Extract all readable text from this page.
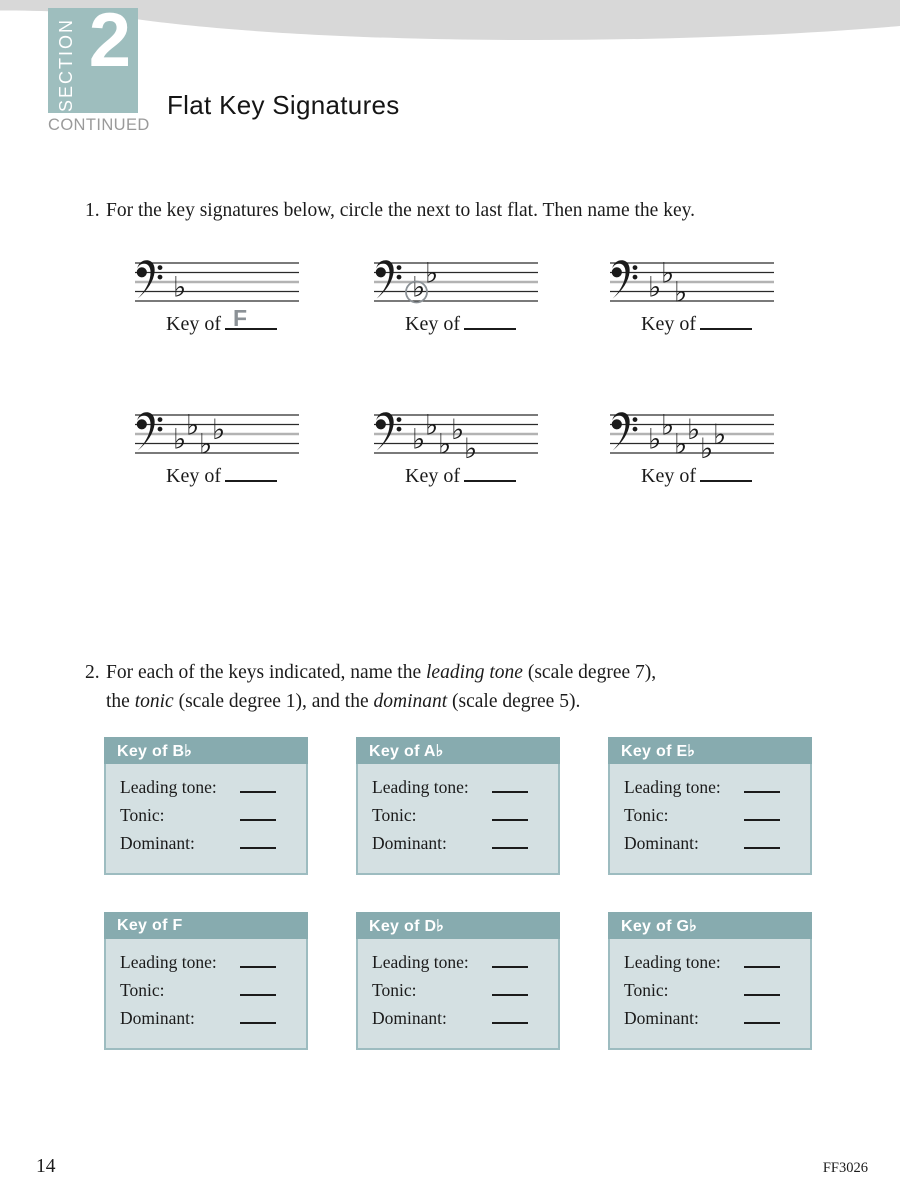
SECTION 2
CONTINUED
Flat Key Signatures
1. For the key signatures below, circle the next to last flat. Then name the key.
♭
Key of F
♭ ♭
Key of
♭ ♭
♭
Key of
♭ ♭
♭ ♭
Key of
♭ ♭
♭ ♭
♭
Key of
♭ ♭
♭ ♭
♭ ♭
Key of
2. For each of the keys indicated, name the leading tone (scale degree 7),
the tonic (scale degree 1), and the dominant (scale degree 5).
Key of B♭
Leading tone:
Tonic:
Dominant:
Key of A♭
Leading tone:
Tonic:
Dominant:
Key of E♭
Leading tone:
Tonic:
Dominant:
Key of F
Leading tone:
Tonic:
Dominant:
Key of D♭
Leading tone:
Tonic:
Dominant:
Key of G♭
Leading tone:
Tonic:
Dominant:
14	FF3026
